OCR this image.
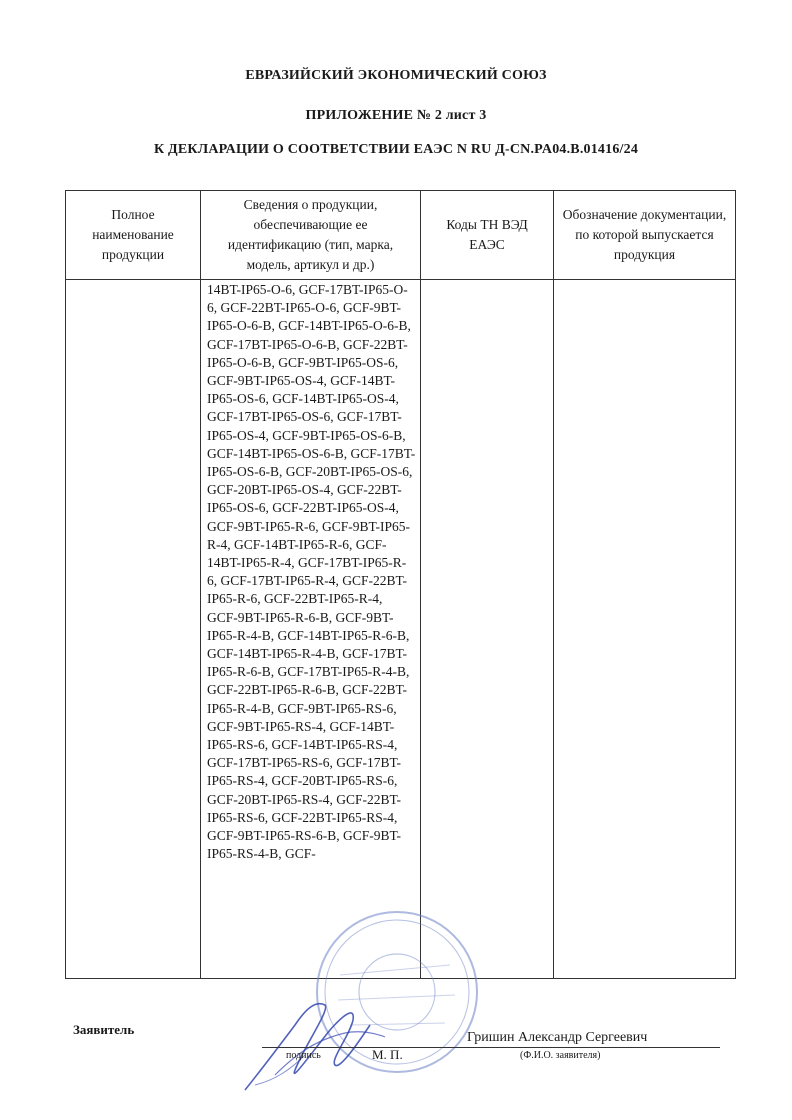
ЕВРАЗИЙСКИЙ ЭКОНОМИЧЕСКИЙ СОЮЗ
ПРИЛОЖЕНИЕ № 2 лист 3
К ДЕКЛАРАЦИИ О СООТВЕТСТВИИ ЕАЭС N RU Д-CN.PA04.B.01416/24
Полное наименование продукции	Сведения о продукции, обеспечивающие ее идентификацию (тип, марка, модель, артикул и др.)	Коды ТН ВЭД ЕАЭС	Обозначение документации, по которой выпускается продукция
	14BT-IP65-O-6, GCF-17BT-IP65-O-6, GCF-22BT-IP65-O-6, GCF-9BT-IP65-O-6-B, GCF-14BT-IP65-O-6-B, GCF-17BT-IP65-O-6-B, GCF-22BT-IP65-O-6-B, GCF-9BT-IP65-OS-6, GCF-9BT-IP65-OS-4, GCF-14BT-IP65-OS-6, GCF-14BT-IP65-OS-4, GCF-17BT-IP65-OS-6, GCF-17BT-IP65-OS-4, GCF-9BT-IP65-OS-6-B, GCF-14BT-IP65-OS-6-B, GCF-17BT-IP65-OS-6-B, GCF-20BT-IP65-OS-6, GCF-20BT-IP65-OS-4, GCF-22BT-IP65-OS-6, GCF-22BT-IP65-OS-4, GCF-9BT-IP65-R-6, GCF-9BT-IP65-R-4, GCF-14BT-IP65-R-6, GCF-14BT-IP65-R-4, GCF-17BT-IP65-R-6, GCF-17BT-IP65-R-4, GCF-22BT-IP65-R-6, GCF-22BT-IP65-R-4, GCF-9BT-IP65-R-6-B, GCF-9BT-IP65-R-4-B, GCF-14BT-IP65-R-6-B, GCF-14BT-IP65-R-4-B, GCF-17BT-IP65-R-6-B, GCF-17BT-IP65-R-4-B, GCF-22BT-IP65-R-6-B, GCF-22BT-IP65-R-4-B, GCF-9BT-IP65-RS-6, GCF-9BT-IP65-RS-4, GCF-14BT-IP65-RS-6, GCF-14BT-IP65-RS-4, GCF-17BT-IP65-RS-6, GCF-17BT-IP65-RS-4, GCF-20BT-IP65-RS-6, GCF-20BT-IP65-RS-4, GCF-22BT-IP65-RS-6, GCF-22BT-IP65-RS-4, GCF-9BT-IP65-RS-6-B, GCF-9BT-IP65-RS-4-B, GCF-		
Заявитель
Гришин Александр Сергеевич
подпись	М. П.	(Ф.И.О. заявителя)
